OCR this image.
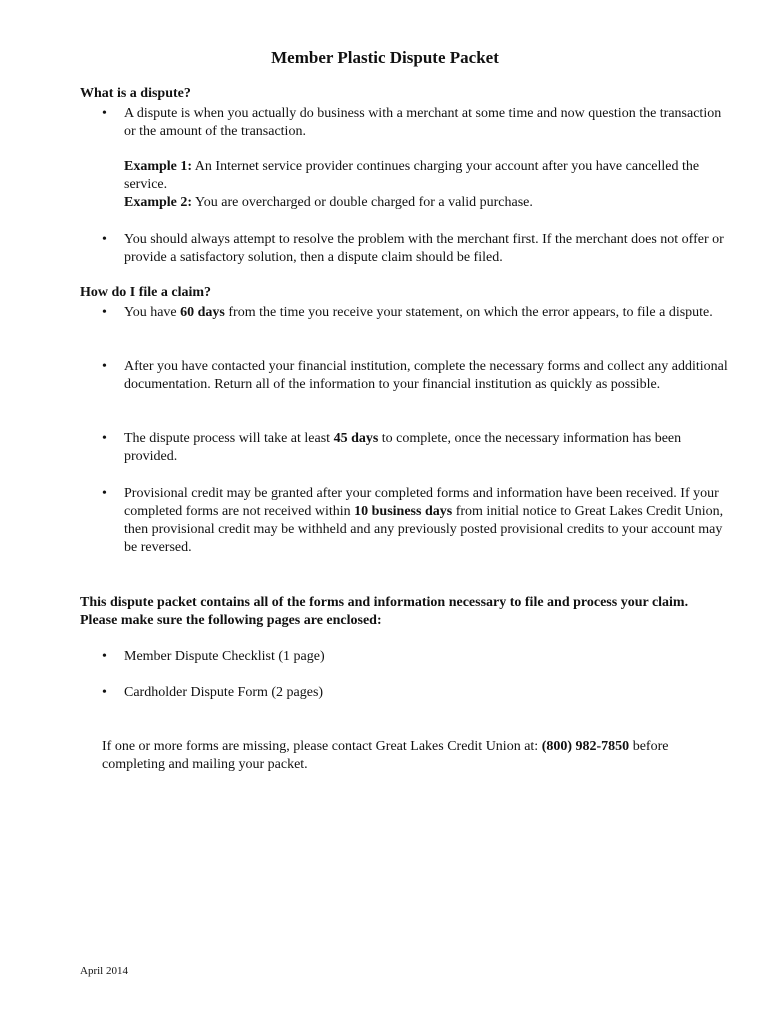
Member Plastic Dispute Packet
What is a dispute?
•	A dispute is when you actually do business with a merchant at some time and now question the transaction or the amount of the transaction.
Example 1: An Internet service provider continues charging your account after you have cancelled the service.
Example 2: You are overcharged or double charged for a valid purchase.
•	You should always attempt to resolve the problem with the merchant first. If the merchant does not offer or provide a satisfactory solution, then a dispute claim should be filed.
How do I file a claim?
•	You have 60 days from the time you receive your statement, on which the error appears, to file a dispute.
•	After you have contacted your financial institution, complete the necessary forms and collect any additional documentation. Return all of the information to your financial institution as quickly as possible.
•	The dispute process will take at least 45 days to complete, once the necessary information has been provided.
•	Provisional credit may be granted after your completed forms and information have been received. If your completed forms are not received within 10 business days from initial notice to Great Lakes Credit Union, then provisional credit may be withheld and any previously posted provisional credits to your account may be reversed.
This dispute packet contains all of the forms and information necessary to file and process your claim. Please make sure the following pages are enclosed:
•	Member Dispute Checklist (1 page)
•	Cardholder Dispute Form (2 pages)
If one or more forms are missing, please contact Great Lakes Credit Union at: (800) 982-7850 before completing and mailing your packet.
April 2014
